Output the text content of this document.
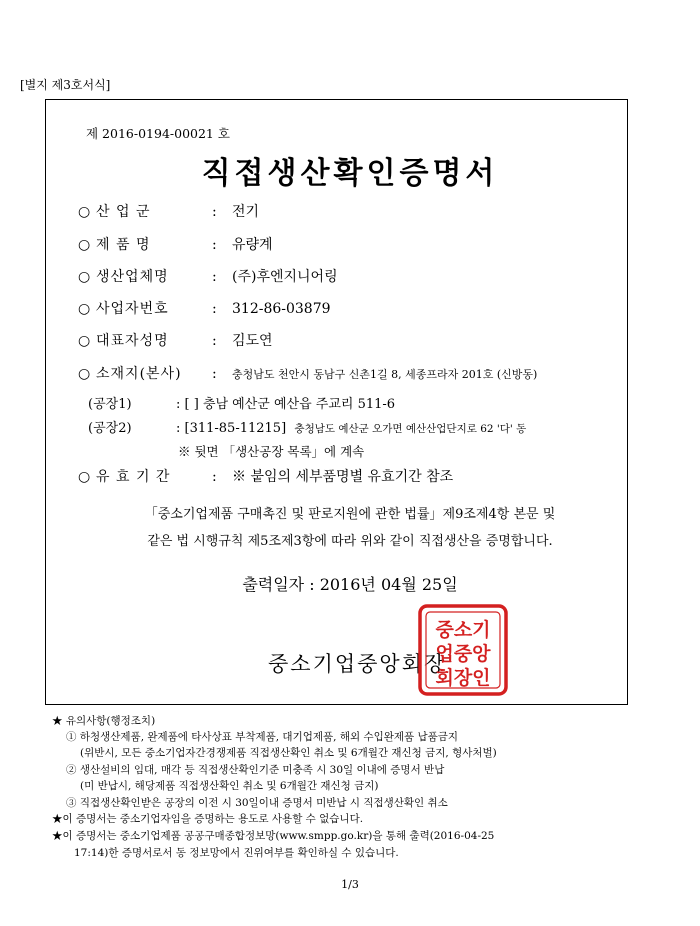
[별지 제3호서식]
제 2016-0194-00021 호
직접생산확인증명서
○ 산 업 군	: 전기
○ 제 품 명	: 유량계
○ 생산업체명	: (주)후엔지니어링
○ 사업자번호	: 312-86-03879
○ 대표자성명	: 김도연
○ 소재지(본사) : 충청남도 천안시 동남구 신촌1길 8, 세종프라자 201호 (신방동)
(공장1)	: [ ] 충남 예산군 예산읍 주교리 511-6
(공장2)	: [311-85-11215] 충청남도 예산군 오가면 예산산업단지로 62 '다' 동
※ 뒷면 「생산공장 목록」에 계속
○ 유 효 기 간	: ※ 붙임의 세부품명별 유효기간 참조
「중소기업제품 구매촉진 및 판로지원에 관한 법률」제9조제4항 본문 및
같은 법 시행규칙 제5조제3항에 따라 위와 같이 직접생산을 증명합니다.
출력일자 : 2016년 04월 25일
중소기업중앙회장
중소기
업중앙
회장인
★ 유의사항(행정조치)
① 하청생산제품, 완제품에 타사상표 부착제품, 대기업제품, 해외 수입완제품 납품금지
(위반시, 모든 중소기업자간경쟁제품 직접생산확인 취소 및 6개월간 재신청 금지, 형사처벌)
② 생산설비의 임대, 매각 등 직접생산확인기준 미충족 시 30일 이내에 증명서 반납
(미 반납시, 해당제품 직접생산확인 취소 및 6개월간 재신청 금지)
③ 직접생산확인받은 공장의 이전 시 30일이내 증명서 미반납 시 직접생산확인 취소
★이 증명서는 중소기업자임을 증명하는 용도로 사용할 수 없습니다.
★이 증명서는 중소기업제품 공공구매종합정보망(www.smpp.go.kr)을 통해 출력(2016-04-25
17:14)한 증명서로서 동 정보망에서 진위여부를 확인하실 수 있습니다.
1/3
